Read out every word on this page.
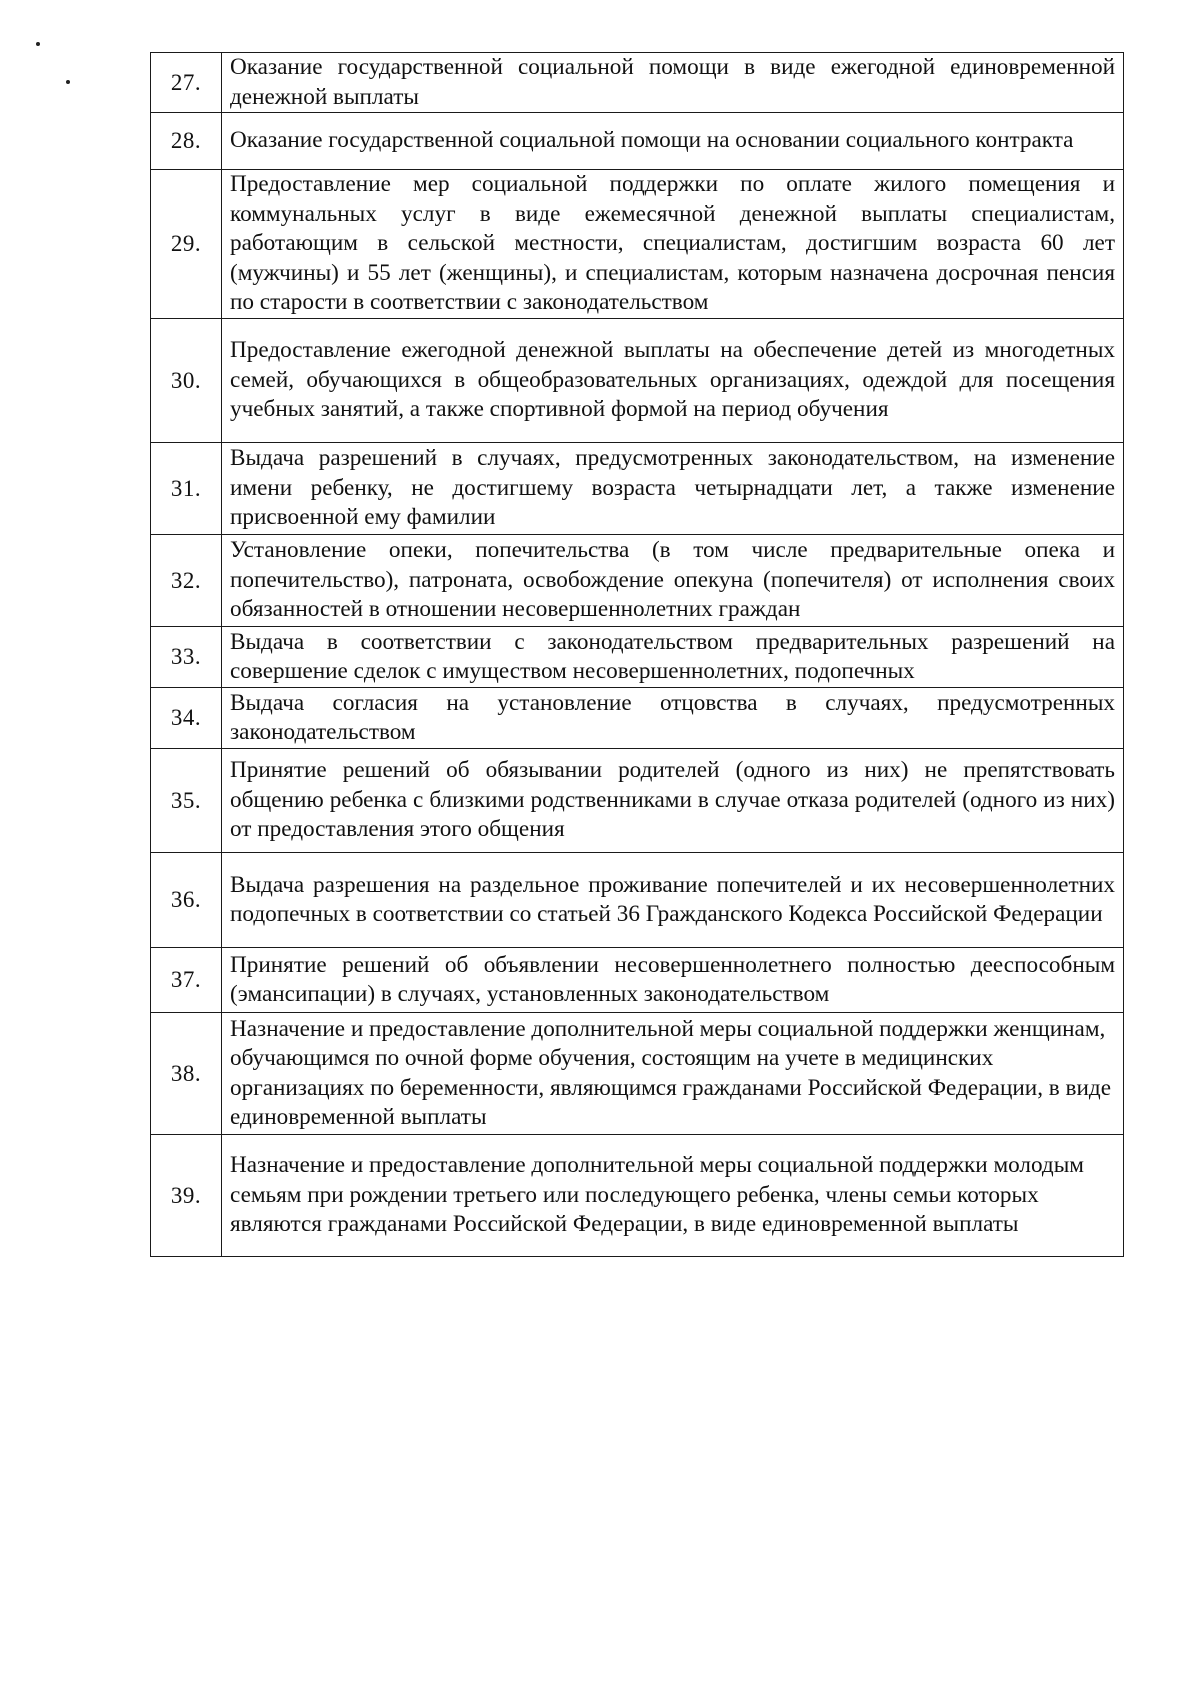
27.	Оказание государственной социальной помощи в виде ежегодной единовременной денежной выплаты
28.	Оказание государственной социальной помощи на основании социального контракта
29.	Предоставление мер социальной поддержки по оплате жилого помещения и коммунальных услуг в виде ежемесячной денежной выплаты специалистам, работающим в сельской местности, специалистам, достигшим возраста 60 лет (мужчины) и 55 лет (женщины), и специалистам, которым назначена досрочная пенсия по старости в соответствии с законодательством
30.	Предоставление ежегодной денежной выплаты на обеспечение детей из многодетных семей, обучающихся в общеобразовательных организациях, одеждой для посещения учебных занятий, а также спортивной формой на период обучения
31.	Выдача разрешений в случаях, предусмотренных законодательством, на изменение имени ребенку, не достигшему возраста четырнадцати лет, а также изменение присвоенной ему фамилии
32.	Установление опеки, попечительства (в том числе предварительные опека и попечительство), патроната, освобождение опекуна (попечителя) от исполнения своих обязанностей в отношении несовершеннолетних граждан
33.	Выдача в соответствии с законодательством предварительных разрешений на совершение сделок с имуществом несовершеннолетних, подопечных
34.	Выдача согласия на установление отцовства в случаях, предусмотренных законодательством
35.	Принятие решений об обязывании родителей (одного из них) не препятствовать общению ребенка с близкими родственниками в случае отказа родителей (одного из них) от предоставления этого общения
36.	Выдача разрешения на раздельное проживание попечителей и их несовершеннолетних подопечных в соответствии со статьей 36 Гражданского Кодекса Российской Федерации
37.	Принятие решений об объявлении несовершеннолетнего полностью дееспособным (эмансипации) в случаях, установленных законодательством
38.	Назначение и предоставление дополнительной меры социальной поддержки женщинам, обучающимся по очной форме обучения, состоящим на учете в медицинских организациях по беременности, являющимся гражданами Российской Федерации, в виде единовременной выплаты
39.	Назначение и предоставление дополнительной меры социальной поддержки молодым семьям при рождении третьего или последующего ребенка, члены семьи которых являются гражданами Российской Федерации, в виде единовременной выплаты
